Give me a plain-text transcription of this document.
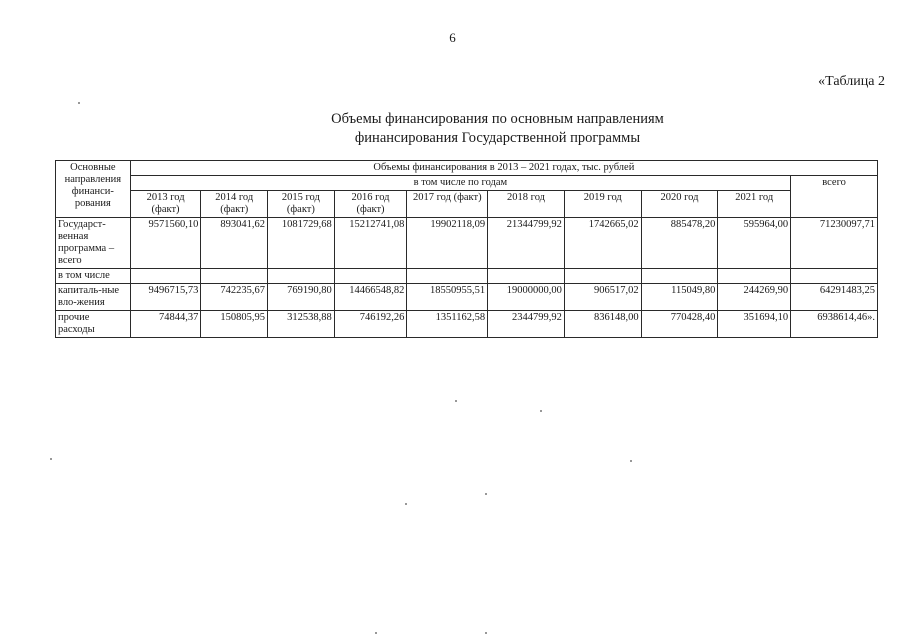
6
«Таблица 2
Объемы финансирования по основным направлениям
финансирования Государственной программы
Основные направления финанси-рования	Объемы финансирования в 2013 – 2021 годах, тыс. рублей									
	в том числе по годам									всего
	2013 год (факт)	2014 год (факт)	2015 год (факт)	2016 год (факт)	2017 год (факт)	2018 год	2019 год	2020 год	2021 год	
Государст-венная программа – всего	9571560,10	893041,62	1081729,68	15212741,08	19902118,09	21344799,92	1742665,02	885478,20	595964,00	71230097,71
в том числе										
капиталь-ные вло-жения	9496715,73	742235,67	769190,80	14466548,82	18550955,51	19000000,00	906517,02	115049,80	244269,90	64291483,25
прочие расходы	74844,37	150805,95	312538,88	746192,26	1351162,58	2344799,92	836148,00	770428,40	351694,10	6938614,46».
